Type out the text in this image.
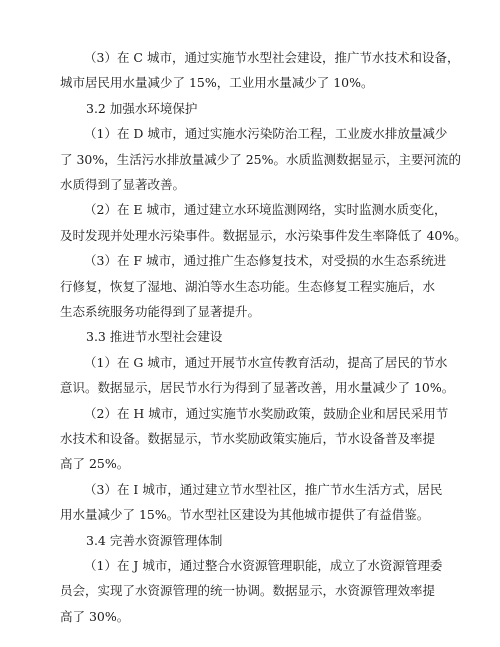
（3）在 C 城市，通过实施节水型社会建设，推广节水技术和设备，
城市居民用水量减少了 15%，工业用水量减少了 10%。
3.2 加强水环境保护
（1）在 D 城市，通过实施水污染防治工程，工业废水排放量减少
了 30%，生活污水排放量减少了 25%。水质监测数据显示，主要河流的
水质得到了显著改善。
（2）在 E 城市，通过建立水环境监测网络，实时监测水质变化，
及时发现并处理水污染事件。数据显示，水污染事件发生率降低了 40%。
（3）在 F 城市，通过推广生态修复技术，对受损的水生态系统进
行修复，恢复了湿地、湖泊等水生态功能。生态修复工程实施后，水
生态系统服务功能得到了显著提升。
3.3 推进节水型社会建设
（1）在 G 城市，通过开展节水宣传教育活动，提高了居民的节水
意识。数据显示，居民节水行为得到了显著改善，用水量减少了 10%。
（2）在 H 城市，通过实施节水奖励政策，鼓励企业和居民采用节
水技术和设备。数据显示，节水奖励政策实施后，节水设备普及率提
高了 25%。
（3）在 I 城市，通过建立节水型社区，推广节水生活方式，居民
用水量减少了 15%。节水型社区建设为其他城市提供了有益借鉴。
3.4 完善水资源管理体制
（1）在 J 城市，通过整合水资源管理职能，成立了水资源管理委
员会，实现了水资源管理的统一协调。数据显示，水资源管理效率提
高了 30%。
